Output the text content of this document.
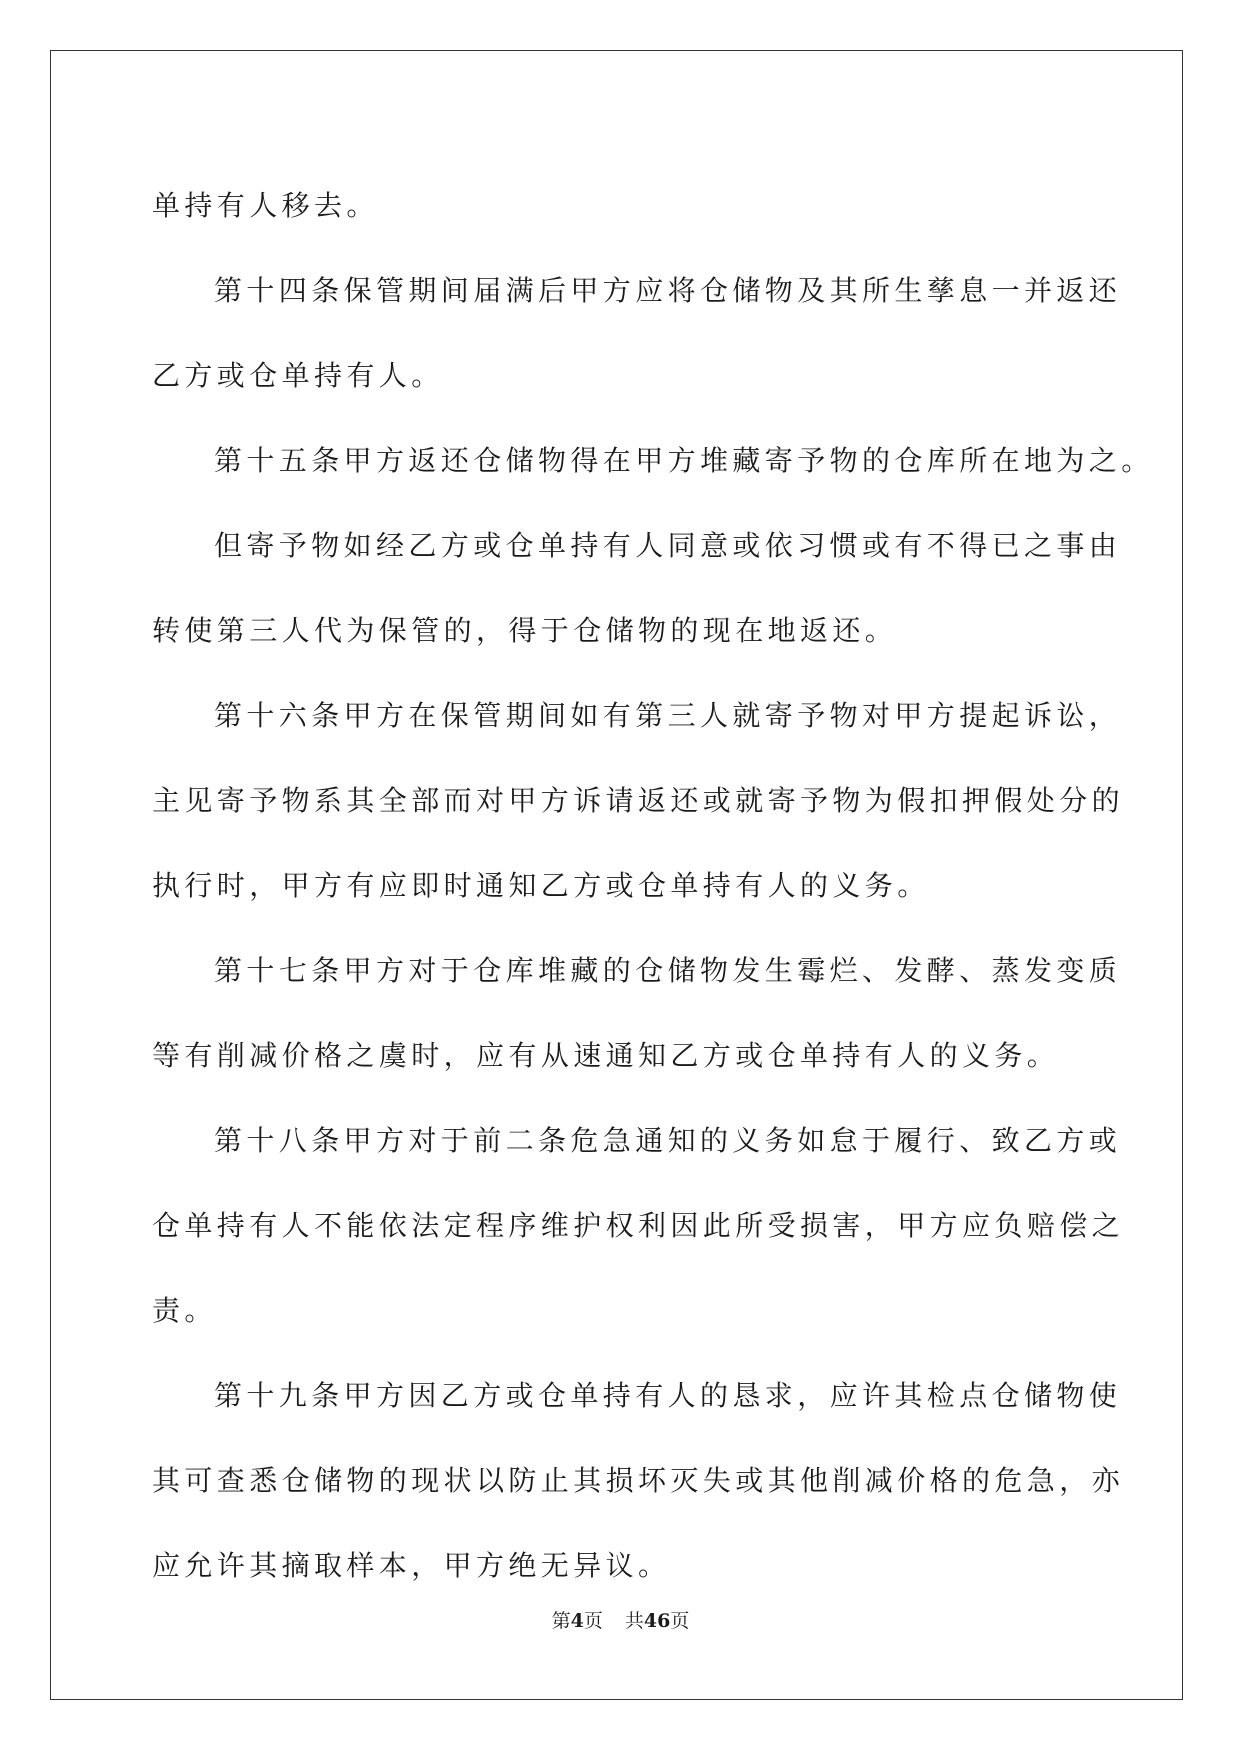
单持有人移去。
第十四条保管期间届满后甲方应将仓储物及其所生孳息一并返还
乙方或仓单持有人。
第十五条甲方返还仓储物得在甲方堆藏寄予物的仓库所在地为之。
但寄予物如经乙方或仓单持有人同意或依习惯或有不得已之事由
转使第三人代为保管的，得于仓储物的现在地返还。
第十六条甲方在保管期间如有第三人就寄予物对甲方提起诉讼，
主见寄予物系其全部而对甲方诉请返还或就寄予物为假扣押假处分的
执行时，甲方有应即时通知乙方或仓单持有人的义务。
第十七条甲方对于仓库堆藏的仓储物发生霉烂、发酵、蒸发变质
等有削减价格之虞时，应有从速通知乙方或仓单持有人的义务。
第十八条甲方对于前二条危急通知的义务如怠于履行、致乙方或
仓单持有人不能依法定程序维护权利因此所受损害，甲方应负赔偿之
责。
第十九条甲方因乙方或仓单持有人的恳求，应许其检点仓储物使
其可查悉仓储物的现状以防止其损坏灭失或其他削减价格的危急，亦
应允许其摘取样本，甲方绝无异议。
第4页 共46页
